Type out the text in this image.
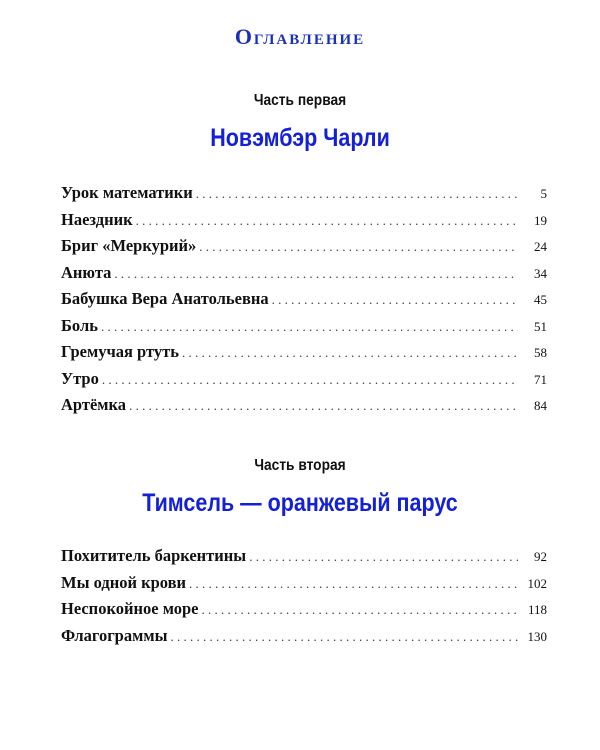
Оглавление
Часть первая
Новэмбэр Чарли
Урок математики . . .	5
Наездник . . .	19
Бриг «Меркурий» . . .	24
Анюта . . .	34
Бабушка Вера Анатольевна . . .	45
Боль . . .	51
Гремучая ртуть . . .	58
Утро . . .	71
Артёмка . . .	84
Часть вторая
Тимсель — оранжевый парус
Похититель баркентины . . .	92
Мы одной крови . . .	102
Неспокойное море . . .	118
Флагограммы . . .	130
